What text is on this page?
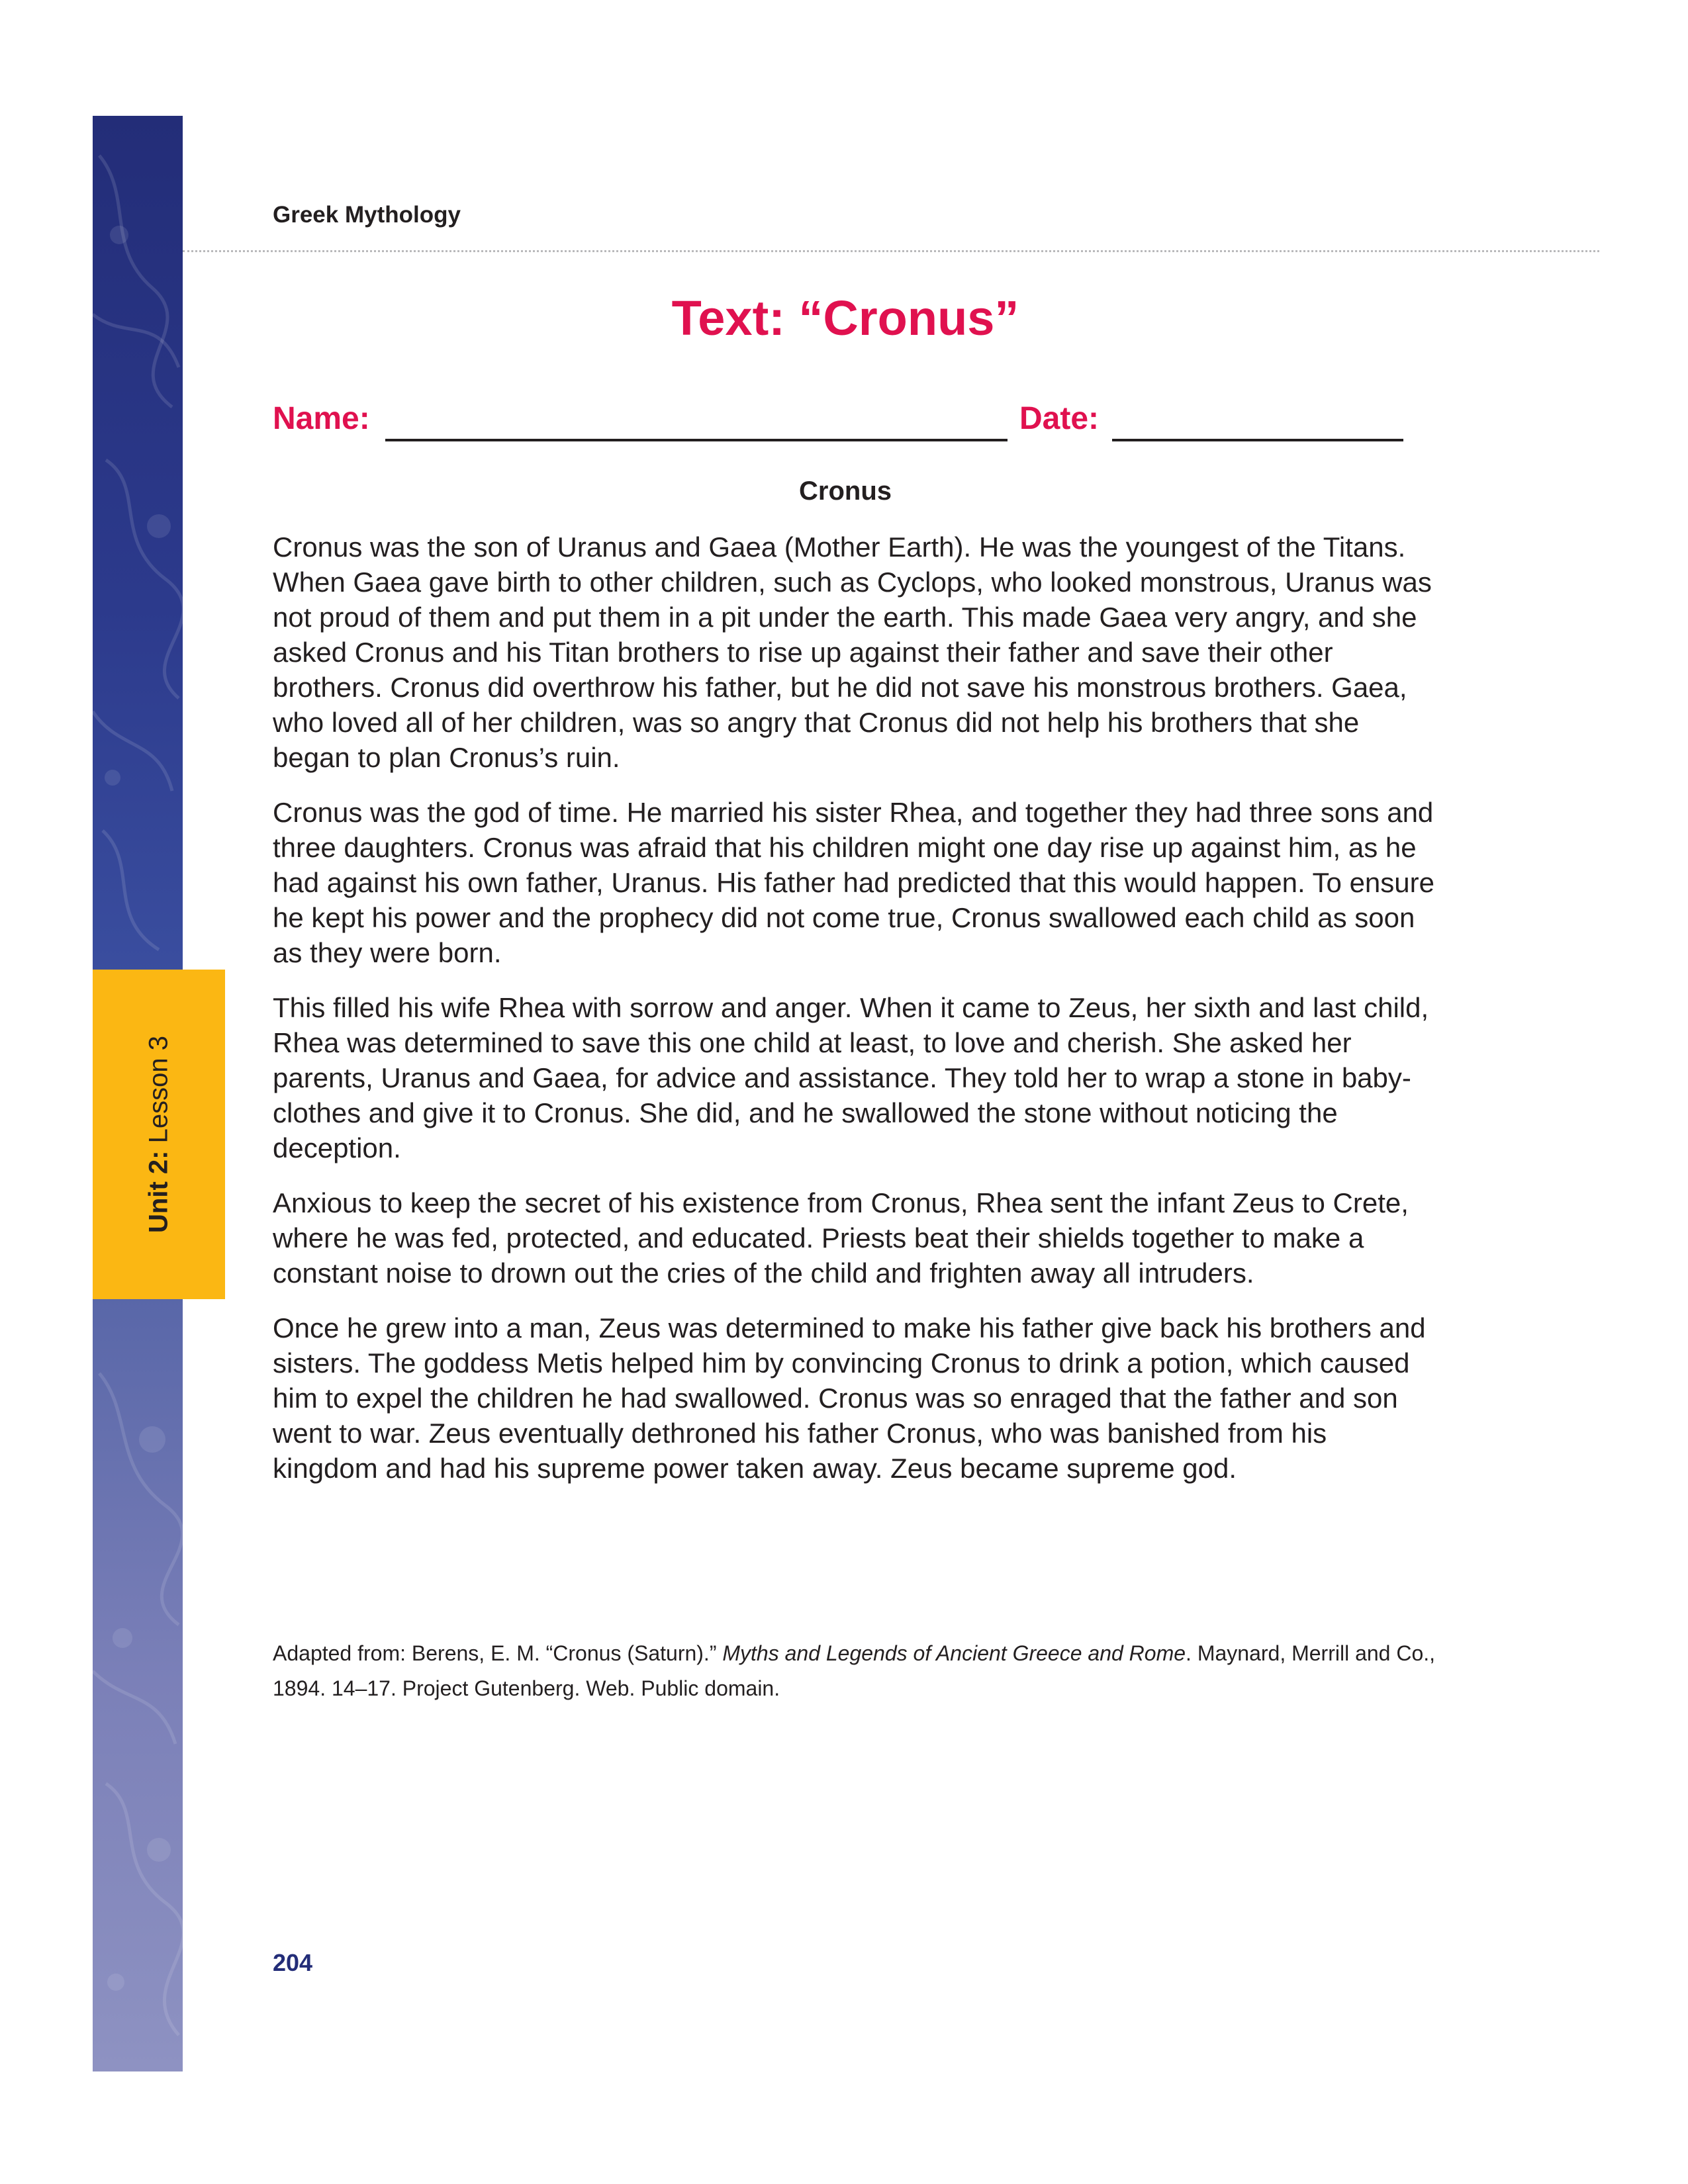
Unit 2: Lesson 3
Greek Mythology
Text: “Cronus”
Name:	Date:
Cronus

Cronus was the son of Uranus and Gaea (Mother Earth). He was the youngest of the Titans. When Gaea gave birth to other children, such as Cyclops, who looked monstrous, Uranus was not proud of them and put them in a pit under the earth. This made Gaea very angry, and she asked Cronus and his Titan brothers to rise up against their father and save their other brothers. Cronus did overthrow his father, but he did not save his monstrous brothers. Gaea, who loved all of her children, was so angry that Cronus did not help his brothers that she began to plan Cronus’s ruin.

Cronus was the god of time. He married his sister Rhea, and together they had three sons and three daughters. Cronus was afraid that his children might one day rise up against him, as he had against his own father, Uranus. His father had predicted that this would happen. To ensure he kept his power and the prophecy did not come true, Cronus swallowed each child as soon as they were born.

This filled his wife Rhea with sorrow and anger. When it came to Zeus, her sixth and last child, Rhea was determined to save this one child at least, to love and cherish. She asked her parents, Uranus and Gaea, for advice and assistance. They told her to wrap a stone in baby-clothes and give it to Cronus. She did, and he swallowed the stone without noticing the deception.

Anxious to keep the secret of his existence from Cronus, Rhea sent the infant Zeus to Crete, where he was fed, protected, and educated. Priests beat their shields together to make a constant noise to drown out the cries of the child and frighten away all intruders.

Once he grew into a man, Zeus was determined to make his father give back his brothers and sisters. The goddess Metis helped him by convincing Cronus to drink a potion, which caused him to expel the children he had swallowed. Cronus was so enraged that the father and son went to war. Zeus eventually dethroned his father Cronus, who was banished from his kingdom and had his supreme power taken away. Zeus became supreme god.

Adapted from: Berens, E. M. “Cronus (Saturn).” Myths and Legends of Ancient Greece and Rome. Maynard, Merrill and Co., 1894. 14–17. Project Gutenberg. Web. Public domain.
204
